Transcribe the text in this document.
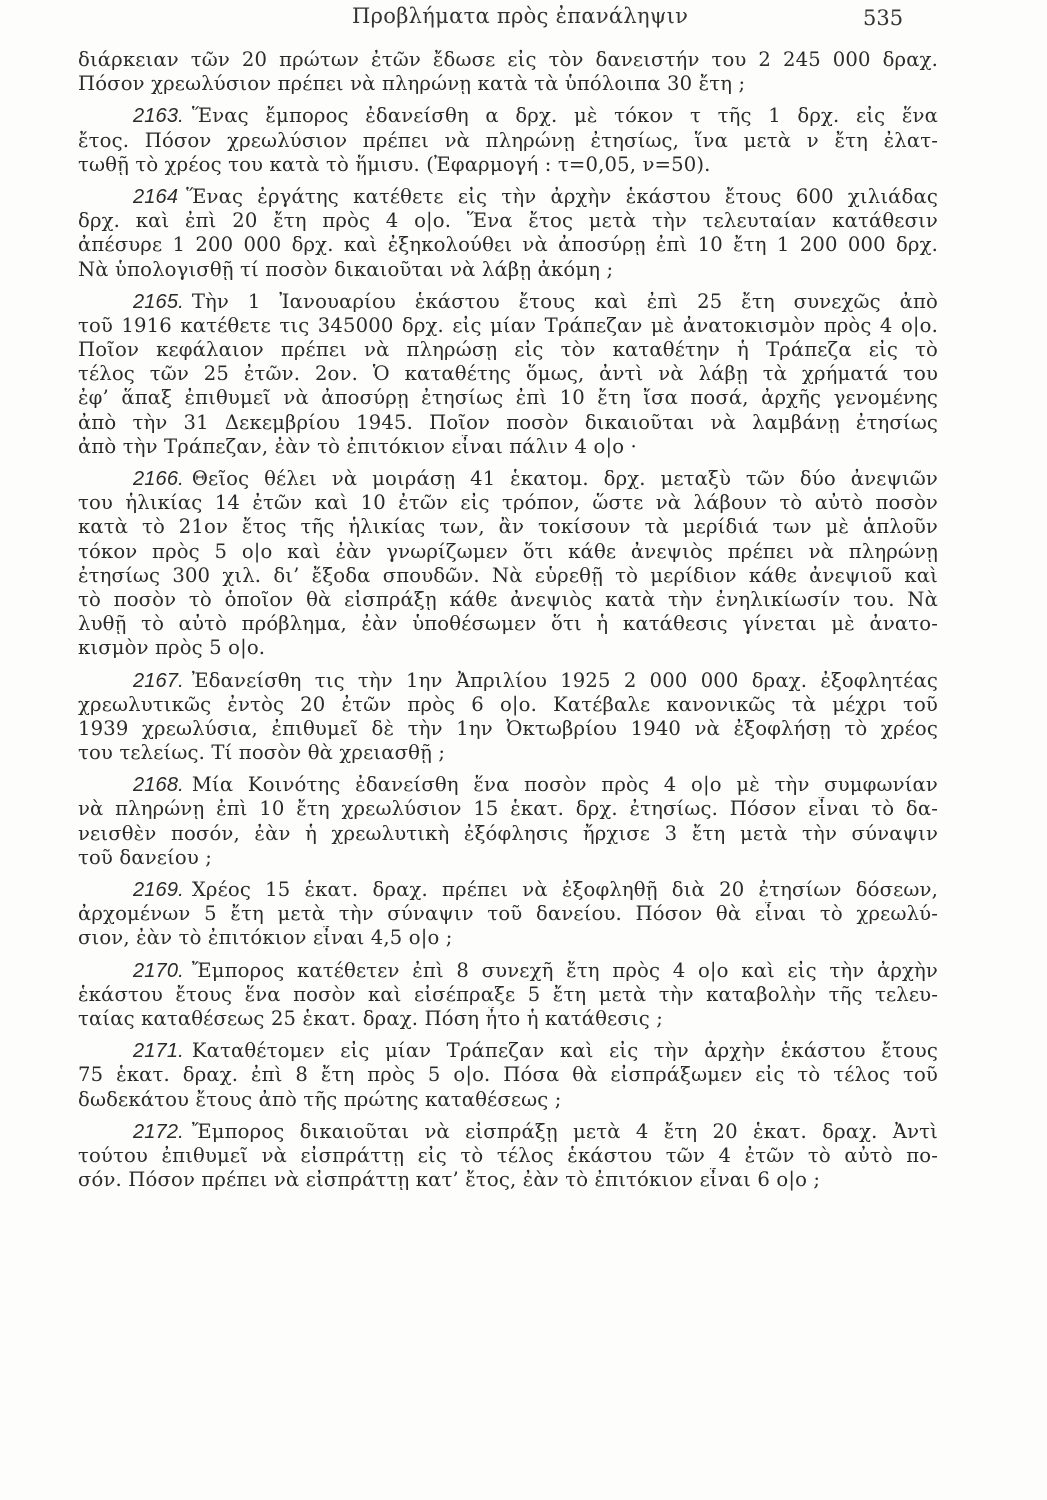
Προβλήματα πρὸς ἐπανάληψιν	535
διάρκειαν τῶν 20 πρώτων ἐτῶν ἔδωσε εἰς τὸν δανειστήν του 2 245 000 δραχ.
Πόσον χρεωλύσιον πρέπει νὰ πληρώνῃ κατὰ τὰ ὑπόλοιπα 30 ἔτη ;
2163. Ἕνας ἔμπορος ἐδανείσθη α δρχ. μὲ τόκον τ τῆς 1 δρχ. εἰς ἕνα
ἔτος. Πόσον χρεωλύσιον πρέπει νὰ πληρώνῃ ἐτησίως, ἵνα μετὰ ν ἔτη ἐλατ-
τωθῇ τὸ χρέος του κατὰ τὸ ἥμισυ. (Ἐφαρμογή : τ=0,05, ν=50).
2164 Ἕνας ἐργάτης κατέθετε εἰς τὴν ἀρχὴν ἑκάστου ἔτους 600 χιλιάδας
δρχ. καὶ ἐπὶ 20 ἔτη πρὸς 4 ο|ο. Ἕνα ἔτος μετὰ τὴν τελευταίαν κατάθεσιν
ἀπέσυρε 1 200 000 δρχ. καὶ ἐξηκολούθει νὰ ἀποσύρῃ ἐπὶ 10 ἔτη 1 200 000 δρχ.
Νὰ ὑπολογισθῇ τί ποσὸν δικαιοῦται νὰ λάβῃ ἀκόμη ;
2165. Τὴν 1 Ἰανουαρίου ἑκάστου ἔτους καὶ ἐπὶ 25 ἔτη συνεχῶς ἀπὸ
τοῦ 1916 κατέθετε τις 345000 δρχ. εἰς μίαν Τράπεζαν μὲ ἀνατοκισμὸν πρὸς 4 ο|ο.
Ποῖον κεφάλαιον πρέπει νὰ πληρώσῃ εἰς τὸν καταθέτην ἡ Τράπεζα εἰς τὸ
τέλος τῶν 25 ἐτῶν. 2ον. Ὁ καταθέτης ὅμως, ἀντὶ νὰ λάβῃ τὰ χρήματά του
ἐφ’ ἅπαξ ἐπιθυμεῖ νὰ ἀποσύρῃ ἐτησίως ἐπὶ 10 ἔτη ἴσα ποσά, ἀρχῆς γενομένης
ἀπὸ τὴν 31 Δεκεμβρίου 1945. Ποῖον ποσὸν δικαιοῦται νὰ λαμβάνῃ ἐτησίως
ἀπὸ τὴν Τράπεζαν, ἐὰν τὸ ἐπιτόκιον εἶναι πάλιν 4 ο|ο ·
2166. Θεῖος θέλει νὰ μοιράσῃ 41 ἑκατομ. δρχ. μεταξὺ τῶν δύο ἀνεψιῶν
του ἡλικίας 14 ἐτῶν καὶ 10 ἐτῶν εἰς τρόπον, ὥστε νὰ λάβουν τὸ αὐτὸ ποσὸν
κατὰ τὸ 21ον ἔτος τῆς ἡλικίας των, ἂν τοκίσουν τὰ μερίδιά των μὲ ἁπλοῦν
τόκον πρὸς 5 ο|ο καὶ ἐὰν γνωρίζωμεν ὅτι κάθε ἀνεψιὸς πρέπει νὰ πληρώνῃ
ἐτησίως 300 χιλ. δι’ ἔξοδα σπουδῶν. Νὰ εὑρεθῇ τὸ μερίδιον κάθε ἀνεψιοῦ καὶ
τὸ ποσὸν τὸ ὁποῖον θὰ εἰσπράξῃ κάθε ἀνεψιὸς κατὰ τὴν ἐνηλικίωσίν του. Νὰ
λυθῇ τὸ αὐτὸ πρόβλημα, ἐὰν ὑποθέσωμεν ὅτι ἡ κατάθεσις γίνεται μὲ ἀνατο-
κισμὸν πρὸς 5 ο|ο.
2167. Ἐδανείσθη τις τὴν 1ην Ἀπριλίου 1925 2 000 000 δραχ. ἐξοφλητέας
χρεωλυτικῶς ἐντὸς 20 ἐτῶν πρὸς 6 ο|ο. Κατέβαλε κανονικῶς τὰ μέχρι τοῦ
1939 χρεωλύσια, ἐπιθυμεῖ δὲ τὴν 1ην Ὀκτωβρίου 1940 νὰ ἐξοφλήσῃ τὸ χρέος
του τελείως. Τί ποσὸν θὰ χρειασθῇ ;
2168. Μία Κοινότης ἐδανείσθη ἕνα ποσὸν πρὸς 4 ο|ο μὲ τὴν συμφωνίαν
νὰ πληρώνῃ ἐπὶ 10 ἔτη χρεωλύσιον 15 ἑκατ. δρχ. ἐτησίως. Πόσον εἶναι τὸ δα-
νεισθὲν ποσόν, ἐὰν ἡ χρεωλυτικὴ ἐξόφλησις ἤρχισε 3 ἔτη μετὰ τὴν σύναψιν
τοῦ δανείου ;
2169. Χρέος 15 ἑκατ. δραχ. πρέπει νὰ ἐξοφληθῇ διὰ 20 ἐτησίων δόσεων,
ἀρχομένων 5 ἔτη μετὰ τὴν σύναψιν τοῦ δανείου. Πόσον θὰ εἶναι τὸ χρεωλύ-
σιον, ἐὰν τὸ ἐπιτόκιον εἶναι 4,5 ο|ο ;
2170. Ἔμπορος κατέθετεν ἐπὶ 8 συνεχῆ ἔτη πρὸς 4 ο|ο καὶ εἰς τὴν ἀρχὴν
ἑκάστου ἔτους ἕνα ποσὸν καὶ εἰσέπραξε 5 ἔτη μετὰ τὴν καταβολὴν τῆς τελευ-
ταίας καταθέσεως 25 ἑκατ. δραχ. Πόση ἦτο ἡ κατάθεσις ;
2171. Καταθέτομεν εἰς μίαν Τράπεζαν καὶ εἰς τὴν ἀρχὴν ἑκάστου ἔτους
75 ἑκατ. δραχ. ἐπὶ 8 ἔτη πρὸς 5 ο|ο. Πόσα θὰ εἰσπράξωμεν εἰς τὸ τέλος τοῦ
δωδεκάτου ἔτους ἀπὸ τῆς πρώτης καταθέσεως ;
2172. Ἔμπορος δικαιοῦται νὰ εἰσπράξῃ μετὰ 4 ἔτη 20 ἑκατ. δραχ. Ἀντὶ
τούτου ἐπιθυμεῖ νὰ εἰσπράττῃ εἰς τὸ τέλος ἑκάστου τῶν 4 ἐτῶν τὸ αὐτὸ πο-
σόν. Πόσον πρέπει νὰ εἰσπράττῃ κατ’ ἔτος, ἐὰν τὸ ἐπιτόκιον εἶναι 6 ο|ο ;
